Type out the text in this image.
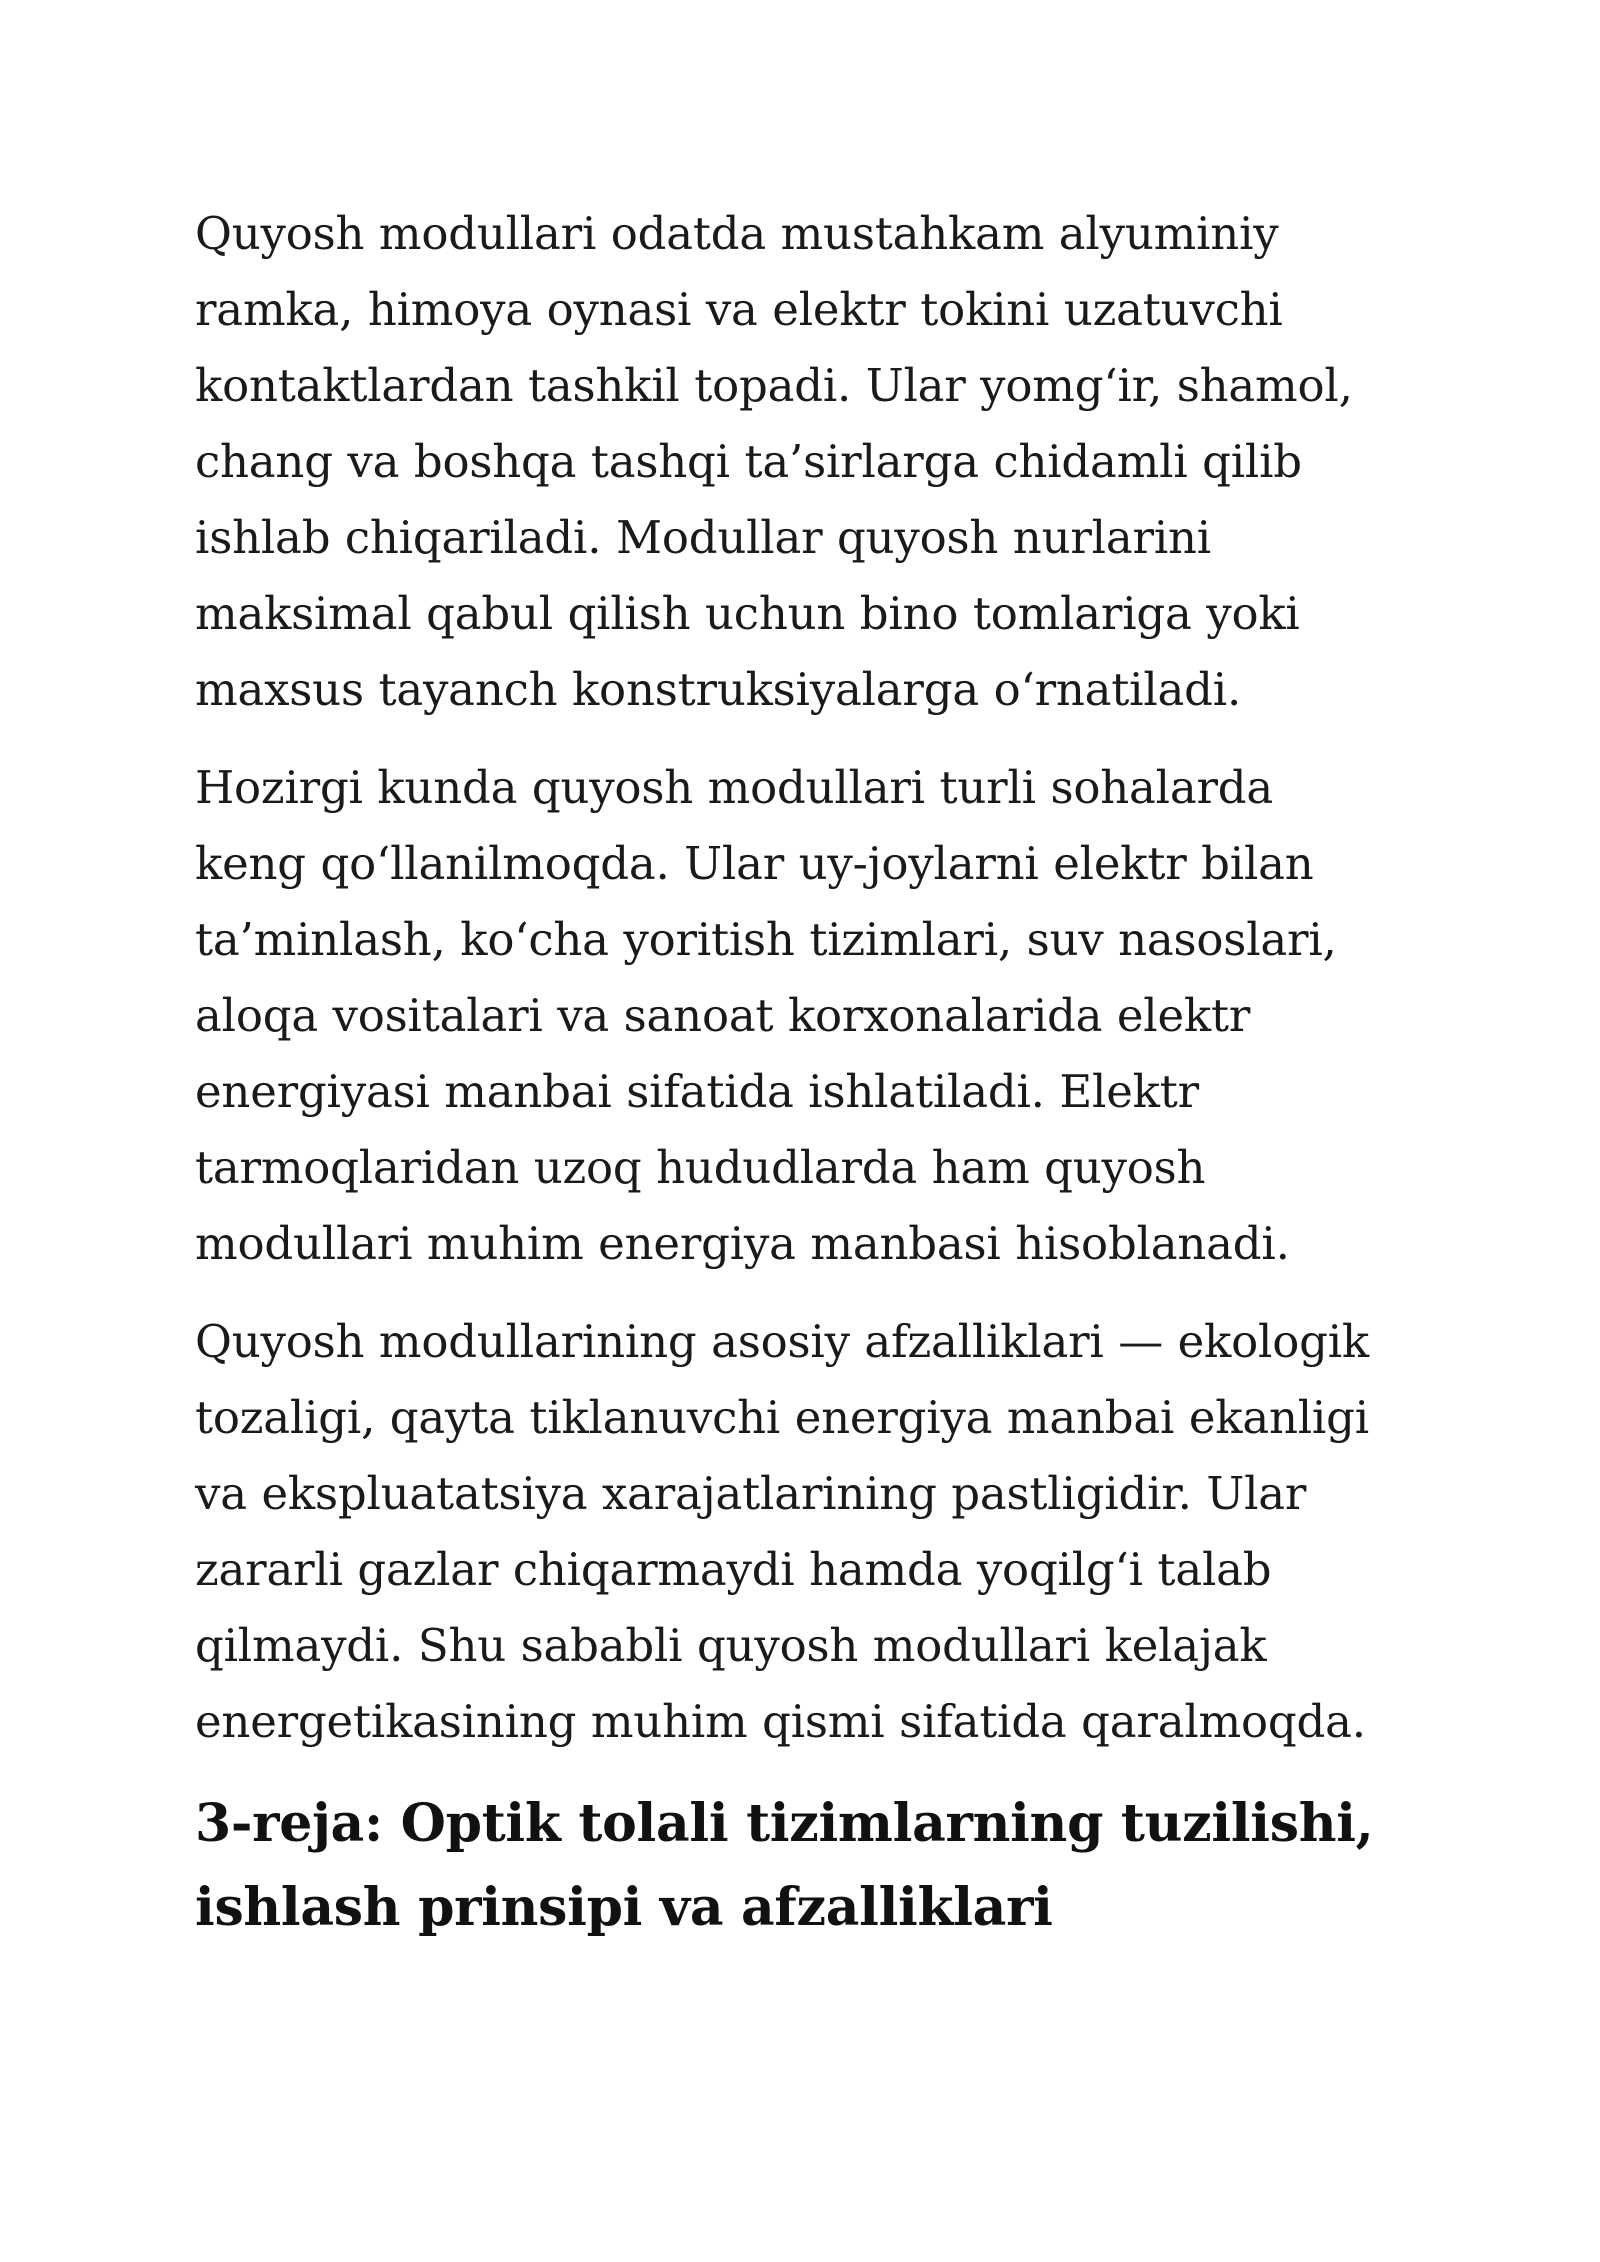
Quyosh modullari odatda mustahkam alyuminiy
ramka, himoya oynasi va elektr tokini uzatuvchi
kontaktlardan tashkil topadi. Ular yomg‘ir, shamol,
chang va boshqa tashqi ta’sirlarga chidamli qilib
ishlab chiqariladi. Modullar quyosh nurlarini
maksimal qabul qilish uchun bino tomlariga yoki
maxsus tayanch konstruksiyalarga o‘rnatiladi.

Hozirgi kunda quyosh modullari turli sohalarda
keng qo‘llanilmoqda. Ular uy-joylarni elektr bilan
ta’minlash, ko‘cha yoritish tizimlari, suv nasoslari,
aloqa vositalari va sanoat korxonalarida elektr
energiyasi manbai sifatida ishlatiladi. Elektr
tarmoqlaridan uzoq hududlarda ham quyosh
modullari muhim energiya manbasi hisoblanadi.

Quyosh modullarining asosiy afzalliklari — ekologik
tozaligi, qayta tiklanuvchi energiya manbai ekanligi
va ekspluatatsiya xarajatlarining pastligidir. Ular
zararli gazlar chiqarmaydi hamda yoqilg‘i talab
qilmaydi. Shu sababli quyosh modullari kelajak
energetikasining muhim qismi sifatida qaralmoqda.

3-reja: Optik tolali tizimlarning tuzilishi,
ishlash prinsipi va afzalliklari
